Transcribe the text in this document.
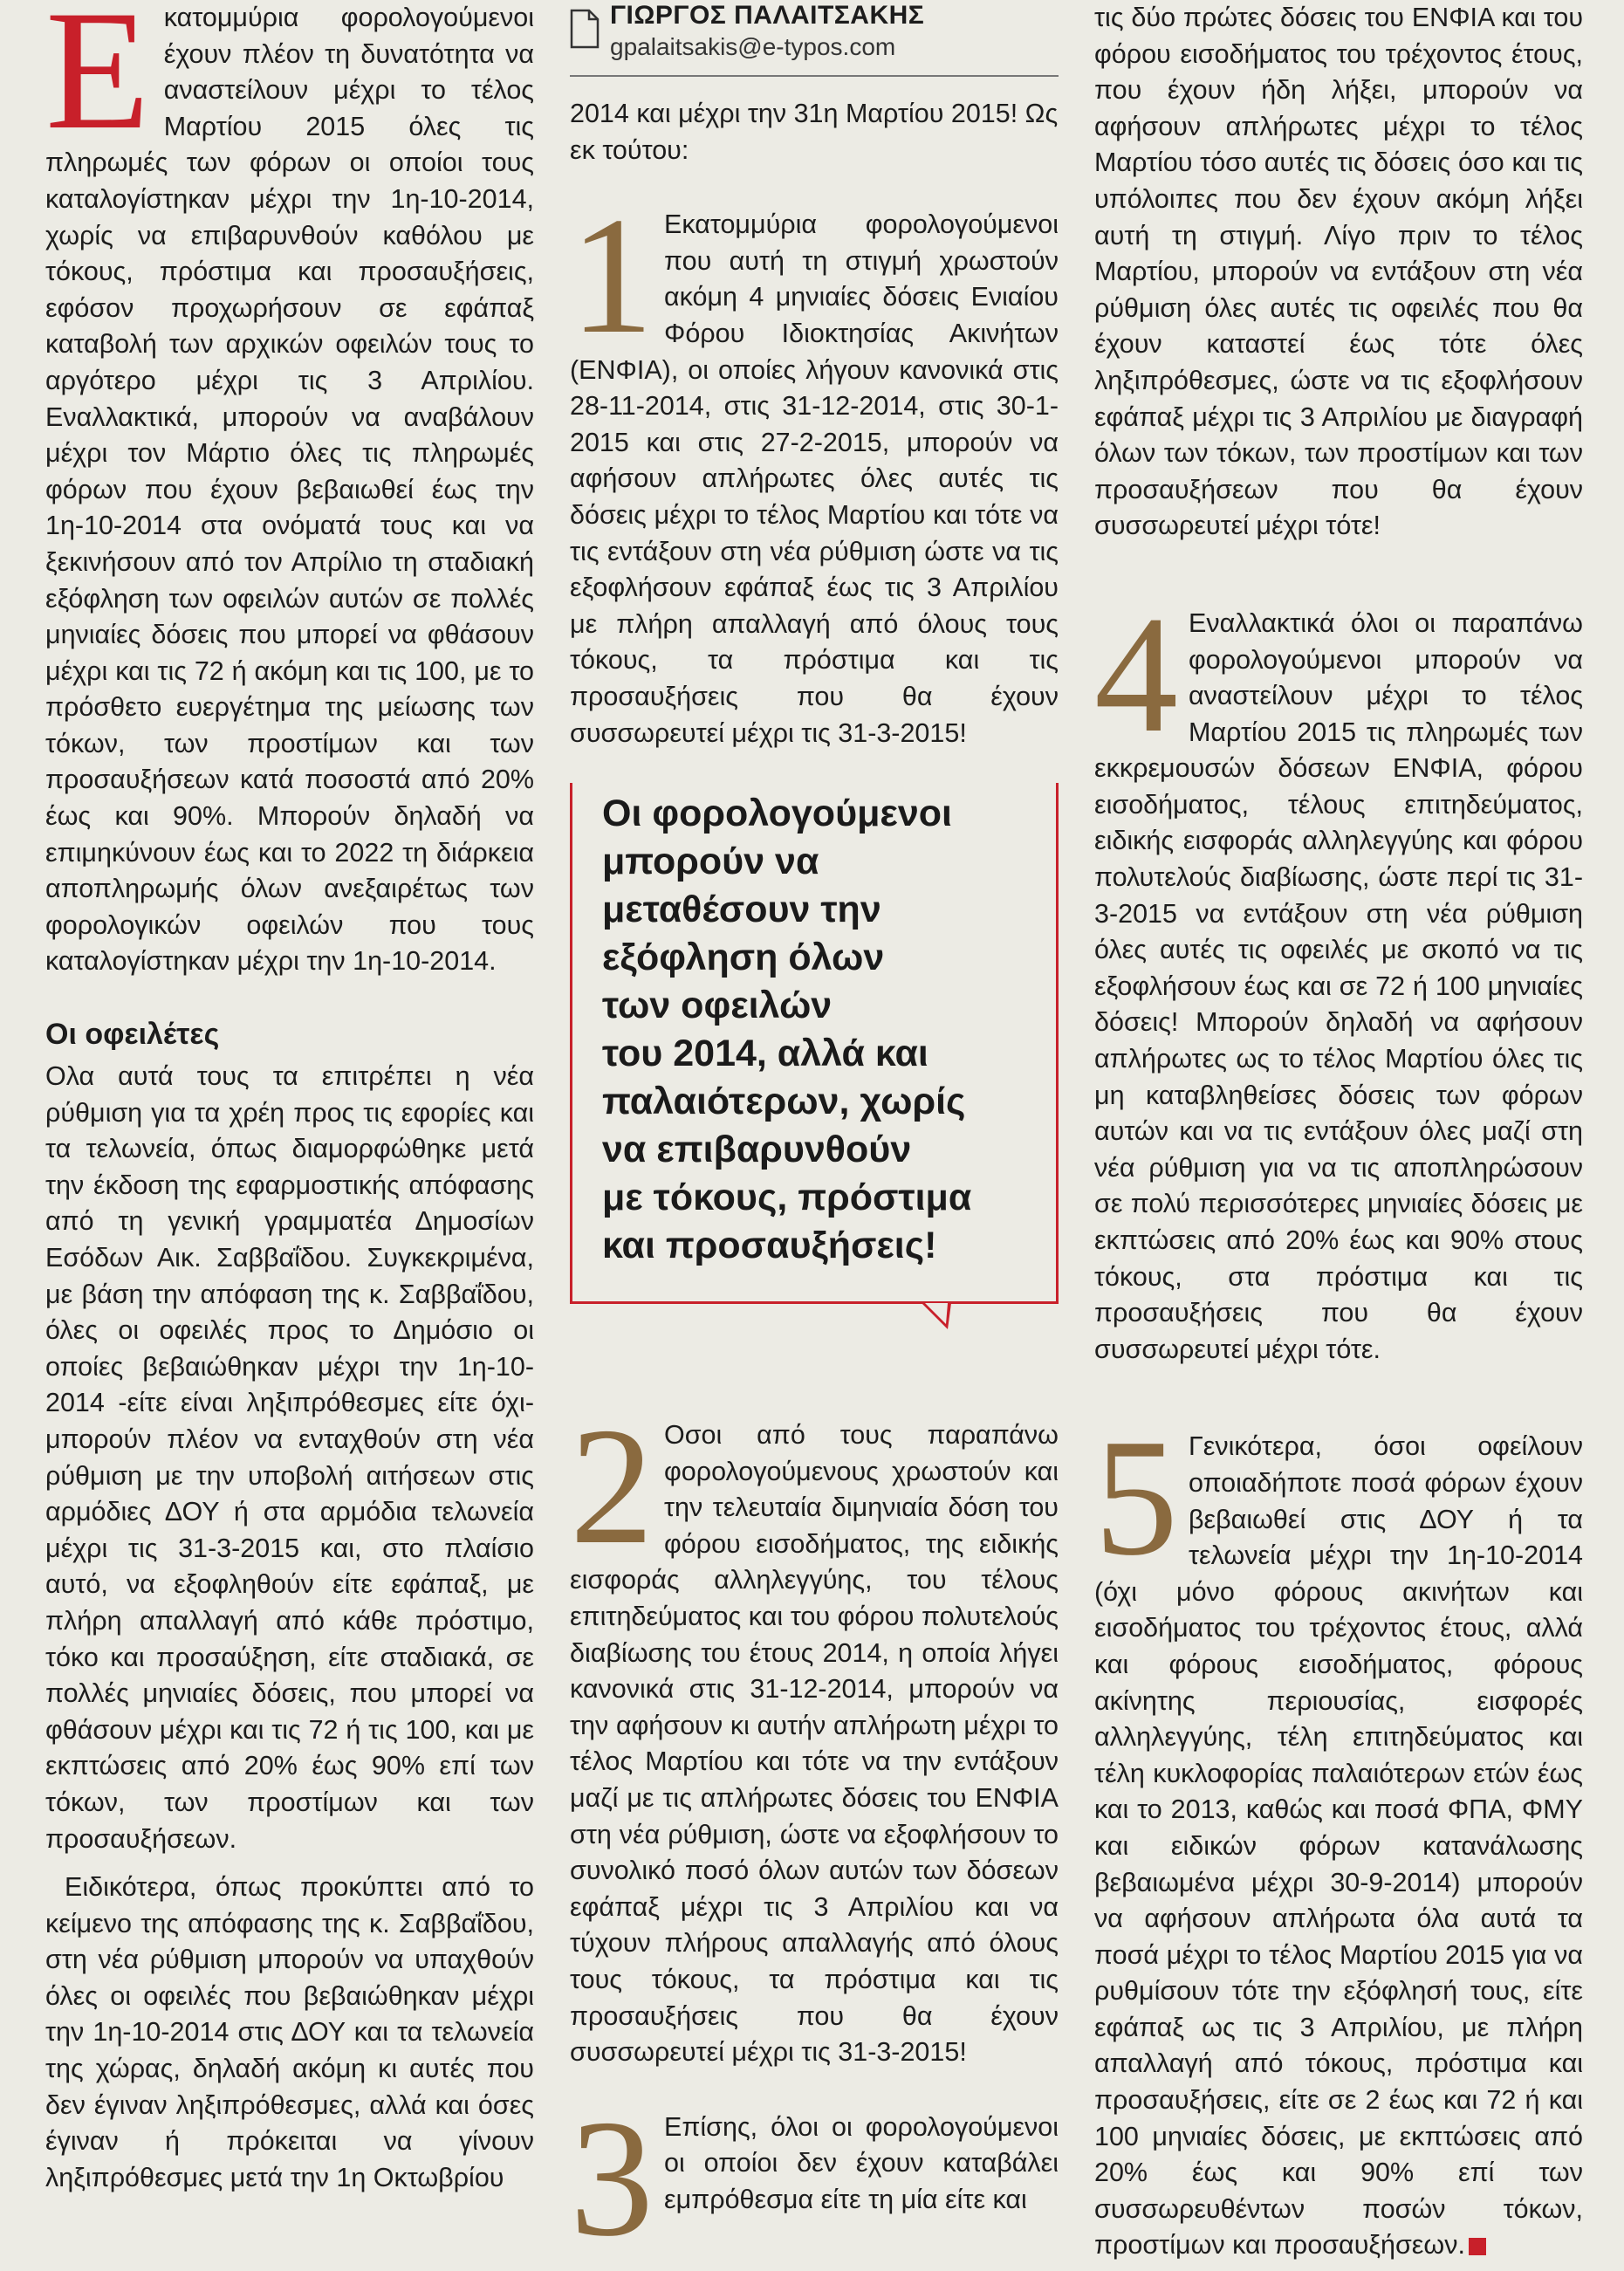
Εκατομμύρια φορολογούμενοι έχουν πλέον τη δυνατότητα να αναστείλουν μέχρι το τέλος Μαρτίου 2015 όλες τις πληρωμές των φόρων οι οποίοι τους καταλογίστηκαν μέχρι την 1η-10-2014, χωρίς να επιβαρυνθούν καθόλου με τόκους, πρόστιμα και προσαυξήσεις, εφόσον προχωρήσουν σε εφάπαξ καταβολή των αρχικών οφειλών τους το αργότερο μέχρι τις 3 Απριλίου. Εναλλακτικά, μπορούν να αναβάλουν μέχρι τον Μάρτιο όλες τις πληρωμές φόρων που έχουν βεβαιωθεί έως την 1η-10-2014 στα ονόματά τους και να ξεκινήσουν από τον Απρίλιο τη σταδιακή εξόφληση των οφειλών αυτών σε πολλές μηνιαίες δόσεις που μπορεί να φθάσουν μέχρι και τις 72 ή ακόμη και τις 100, με το πρόσθετο ευεργέτημα της μείωσης των τόκων, των προστίμων και των προσαυξήσεων κατά ποσοστά από 20% έως και 90%. Μπορούν δηλαδή να επιμηκύνουν έως και το 2022 τη διάρκεια αποπληρωμής όλων ανεξαιρέτως των φορολογικών οφειλών που τους καταλογίστηκαν μέχρι την 1η-10-2014.

Οι οφειλέτες

Ολα αυτά τους τα επιτρέπει η νέα ρύθμιση για τα χρέη προς τις εφορίες και τα τελωνεία, όπως διαμορφώθηκε μετά την έκδοση της εφαρμοστικής απόφασης από τη γενική γραμματέα Δημοσίων Εσόδων Αικ. Σαββαΐδου. Συγκεκριμένα, με βάση την απόφαση της κ. Σαββαΐδου, όλες οι οφειλές προς το Δημόσιο οι οποίες βεβαιώθηκαν μέχρι την 1η-10-2014 -είτε είναι ληξιπρόθεσμες είτε όχι- μπορούν πλέον να ενταχθούν στη νέα ρύθμιση με την υποβολή αιτήσεων στις αρμόδιες ΔΟΥ ή στα αρμόδια τελωνεία μέχρι τις 31-3-2015 και, στο πλαίσιο αυτό, να εξοφληθούν είτε εφάπαξ, με πλήρη απαλλαγή από κάθε πρόστιμο, τόκο και προσαύξηση, είτε σταδιακά, σε πολλές μηνιαίες δόσεις, που μπορεί να φθάσουν μέχρι και τις 72 ή τις 100, και με εκπτώσεις από 20% έως 90% επί των τόκων, των προστίμων και των προσαυξήσεων.

Ειδικότερα, όπως προκύπτει από το κείμενο της απόφασης της κ. Σαββαΐδου, στη νέα ρύθμιση μπορούν να υπαχθούν όλες οι οφειλές που βεβαιώθηκαν μέχρι την 1η-10-2014 στις ΔΟΥ και τα τελωνεία της χώρας, δηλαδή ακόμη κι αυτές που δεν έγιναν ληξιπρόθεσμες, αλλά και όσες έγιναν ή πρόκειται να γίνουν ληξιπρόθεσμες μετά την 1η Οκτωβρίου

ΓΙΩΡΓΟΣ ΠΑΛΑΙΤΣΑΚΗΣ
gpalaitsakis@e-typos.com

2014 και μέχρι την 31η Μαρτίου 2015! Ως εκ τούτου:

1 Εκατομμύρια φορολογούμενοι που αυτή τη στιγμή χρωστούν ακόμη 4 μηνιαίες δόσεις Ενιαίου Φόρου Ιδιοκτησίας Ακινήτων (ΕΝΦΙΑ), οι οποίες λήγουν κανονικά στις 28-11-2014, στις 31-12-2014, στις 30-1-2015 και στις 27-2-2015, μπορούν να αφήσουν απλήρωτες όλες αυτές τις δόσεις μέχρι το τέλος Μαρτίου και τότε να τις εντάξουν στη νέα ρύθμιση ώστε να τις εξοφλήσουν εφάπαξ έως τις 3 Απριλίου με πλήρη απαλλαγή από όλους τους τόκους, τα πρόστιμα και τις προσαυξήσεις που θα έχουν συσσωρευτεί μέχρι τις 31-3-2015!

Οι φορολογούμενοι
μπορούν να
μεταθέσουν την
εξόφληση όλων
των οφειλών
του 2014, αλλά και
παλαιότερων, χωρίς
να επιβαρυνθούν
με τόκους, πρόστιμα
και προσαυξήσεις!

2 Οσοι από τους παραπάνω φορολογούμενους χρωστούν και την τελευταία διμηνιαία δόση του φόρου εισοδήματος, της ειδικής εισφοράς αλληλεγγύης, του τέλους επιτηδεύματος και του φόρου πολυτελούς διαβίωσης του έτους 2014, η οποία λήγει κανονικά στις 31-12-2014, μπορούν να την αφήσουν κι αυτήν απλήρωτη μέχρι το τέλος Μαρτίου και τότε να την εντάξουν μαζί με τις απλήρωτες δόσεις του ΕΝΦΙΑ στη νέα ρύθμιση, ώστε να εξοφλήσουν το συνολικό ποσό όλων αυτών των δόσεων εφάπαξ μέχρι τις 3 Απριλίου και να τύχουν πλήρους απαλλαγής από όλους τους τόκους, τα πρόστιμα και τις προσαυξήσεις που θα έχουν συσσωρευτεί μέχρι τις 31-3-2015!

3 Επίσης, όλοι οι φορολογούμενοι οι οποίοι δεν έχουν καταβάλει εμπρόθεσμα είτε τη μία είτε και

τις δύο πρώτες δόσεις του ΕΝΦΙΑ και του φόρου εισοδήματος του τρέχοντος έτους, που έχουν ήδη λήξει, μπορούν να αφήσουν απλήρωτες μέχρι το τέλος Μαρτίου τόσο αυτές τις δόσεις όσο και τις υπόλοιπες που δεν έχουν ακόμη λήξει αυτή τη στιγμή. Λίγο πριν το τέλος Μαρτίου, μπορούν να εντάξουν στη νέα ρύθμιση όλες αυτές τις οφειλές που θα έχουν καταστεί έως τότε όλες ληξιπρόθεσμες, ώστε να τις εξοφλήσουν εφάπαξ μέχρι τις 3 Απριλίου με διαγραφή όλων των τόκων, των προστίμων και των προσαυξήσεων που θα έχουν συσσωρευτεί μέχρι τότε!

4 Εναλλακτικά όλοι οι παραπάνω φορολογούμενοι μπορούν να αναστείλουν μέχρι το τέλος Μαρτίου 2015 τις πληρωμές των εκκρεμουσών δόσεων ΕΝΦΙΑ, φόρου εισοδήματος, τέλους επιτηδεύματος, ειδικής εισφοράς αλληλεγγύης και φόρου πολυτελούς διαβίωσης, ώστε περί τις 31-3-2015 να εντάξουν στη νέα ρύθμιση όλες αυτές τις οφειλές με σκοπό να τις εξοφλήσουν έως και σε 72 ή 100 μηνιαίες δόσεις! Μπορούν δηλαδή να αφήσουν απλήρωτες ως το τέλος Μαρτίου όλες τις μη καταβληθείσες δόσεις των φόρων αυτών και να τις εντάξουν όλες μαζί στη νέα ρύθμιση για να τις αποπληρώσουν σε πολύ περισσότερες μηνιαίες δόσεις με εκπτώσεις από 20% έως και 90% στους τόκους, στα πρόστιμα και τις προσαυξήσεις που θα έχουν συσσωρευτεί μέχρι τότε.

5 Γενικότερα, όσοι οφείλουν οποιαδήποτε ποσά φόρων έχουν βεβαιωθεί στις ΔΟΥ ή τα τελωνεία μέχρι την 1η-10-2014 (όχι μόνο φόρους ακινήτων και εισοδήματος του τρέχοντος έτους, αλλά και φόρους εισοδήματος, φόρους ακίνητης περιουσίας, εισφορές αλληλεγγύης, τέλη επιτηδεύματος και τέλη κυκλοφορίας παλαιότερων ετών έως και το 2013, καθώς και ποσά ΦΠΑ, ΦΜΥ και ειδικών φόρων κατανάλωσης βεβαιωμένα μέχρι 30-9-2014) μπορούν να αφήσουν απλήρωτα όλα αυτά τα ποσά μέχρι το τέλος Μαρτίου 2015 για να ρυθμίσουν τότε την εξόφλησή τους, είτε εφάπαξ ως τις 3 Απριλίου, με πλήρη απαλλαγή από τόκους, πρόστιμα και προσαυξήσεις, είτε σε 2 έως και 72 ή και 100 μηνιαίες δόσεις, με εκπτώσεις από 20% έως και 90% επί των συσσωρευθέντων ποσών τόκων, προστίμων και προσαυξήσεων.
